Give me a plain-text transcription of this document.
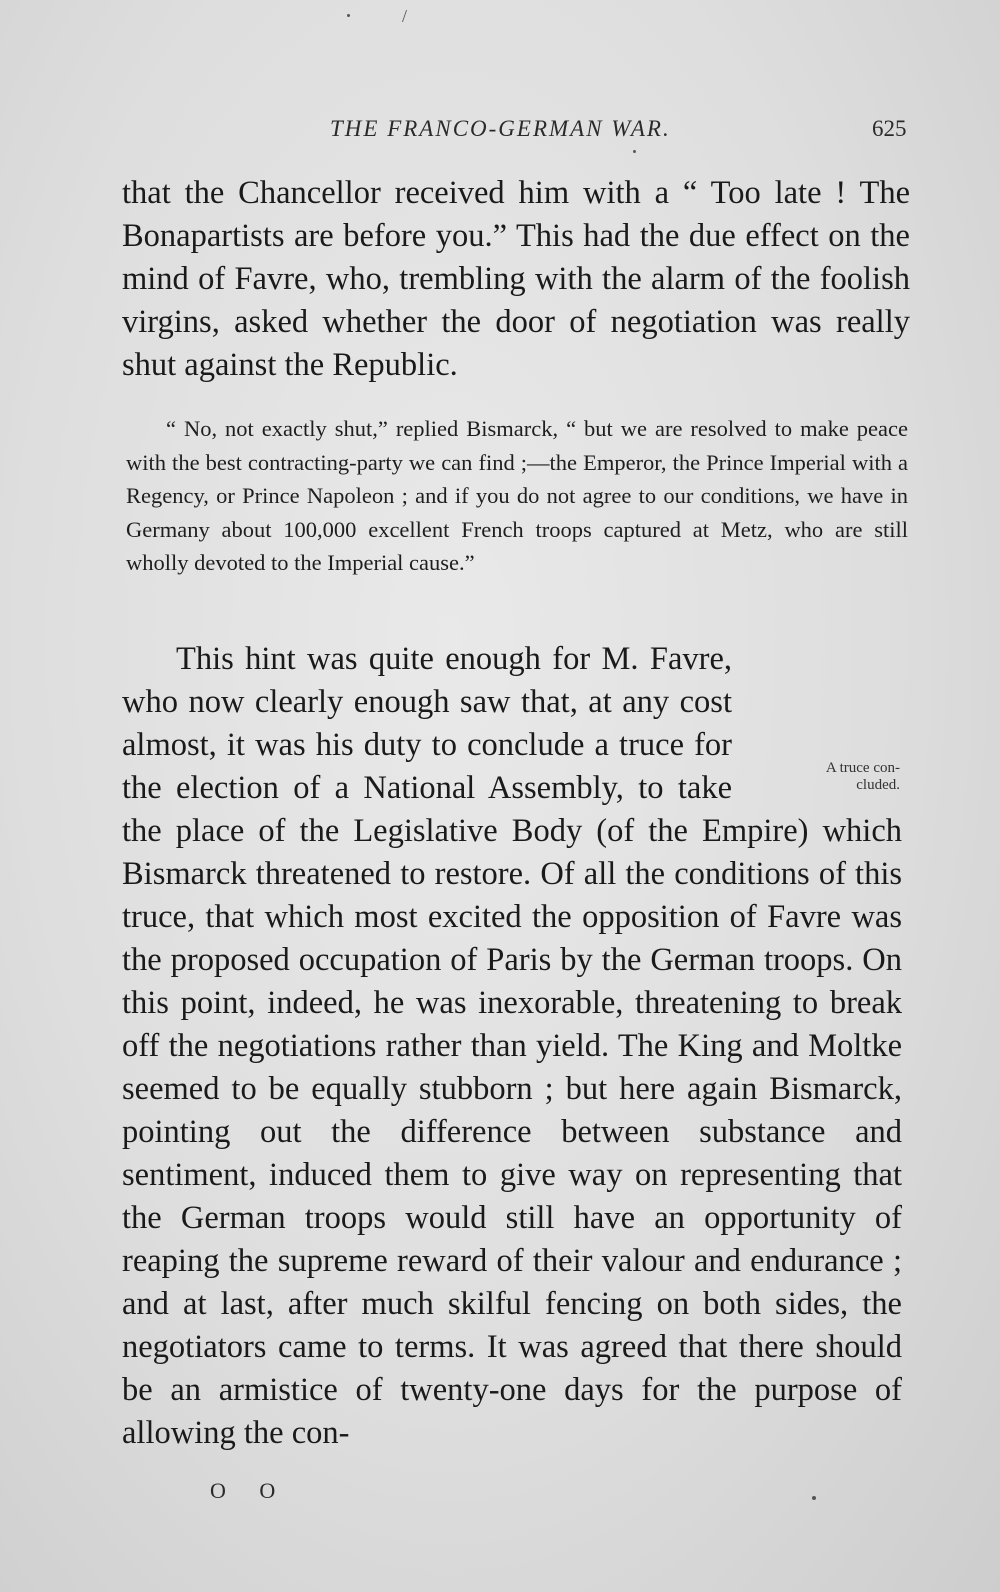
/
THE FRANCO-GERMAN WAR.	625

that the Chancellor received him with a “ Too late ! The Bonapartists are before you.” This had the due effect on the mind of Favre, who, trembling with the alarm of the foolish virgins, asked whether the door of negotiation was really shut against the Republic.

“ No, not exactly shut,” replied Bismarck, “ but we are resolved to make peace with the best contracting-party we can find ;—the Emperor, the Prince Imperial with a Regency, or Prince Napoleon ; and if you do not agree to our conditions, we have in Germany about 100,000 excellent French troops captured at Metz, who are still wholly devoted to the Imperial cause.”

This hint was quite enough for M. Favre, who now clearly enough saw that, at any cost almost, it was his duty to conclude a truce for the election of a National Assembly, to take the place of the Legislative Body (of the Empire) which Bismarck threatened to restore. Of all the conditions of this truce, that which most excited the opposition of Favre was the proposed occupation of Paris by the German troops. On this point, indeed, he was inexorable, threatening to break off the negotiations rather than yield. The King and Moltke seemed to be equally stubborn ; but here again Bismarck, pointing out the difference between substance and sentiment, induced them to give way on representing that the German troops would still have an opportunity of reaping the supreme reward of their valour and endurance ; and at last, after much skilful fencing on both sides, the negotiators came to terms. It was agreed that there should be an armistice of twenty-one days for the purpose of allowing the con-
A truce con- cluded.
O O
